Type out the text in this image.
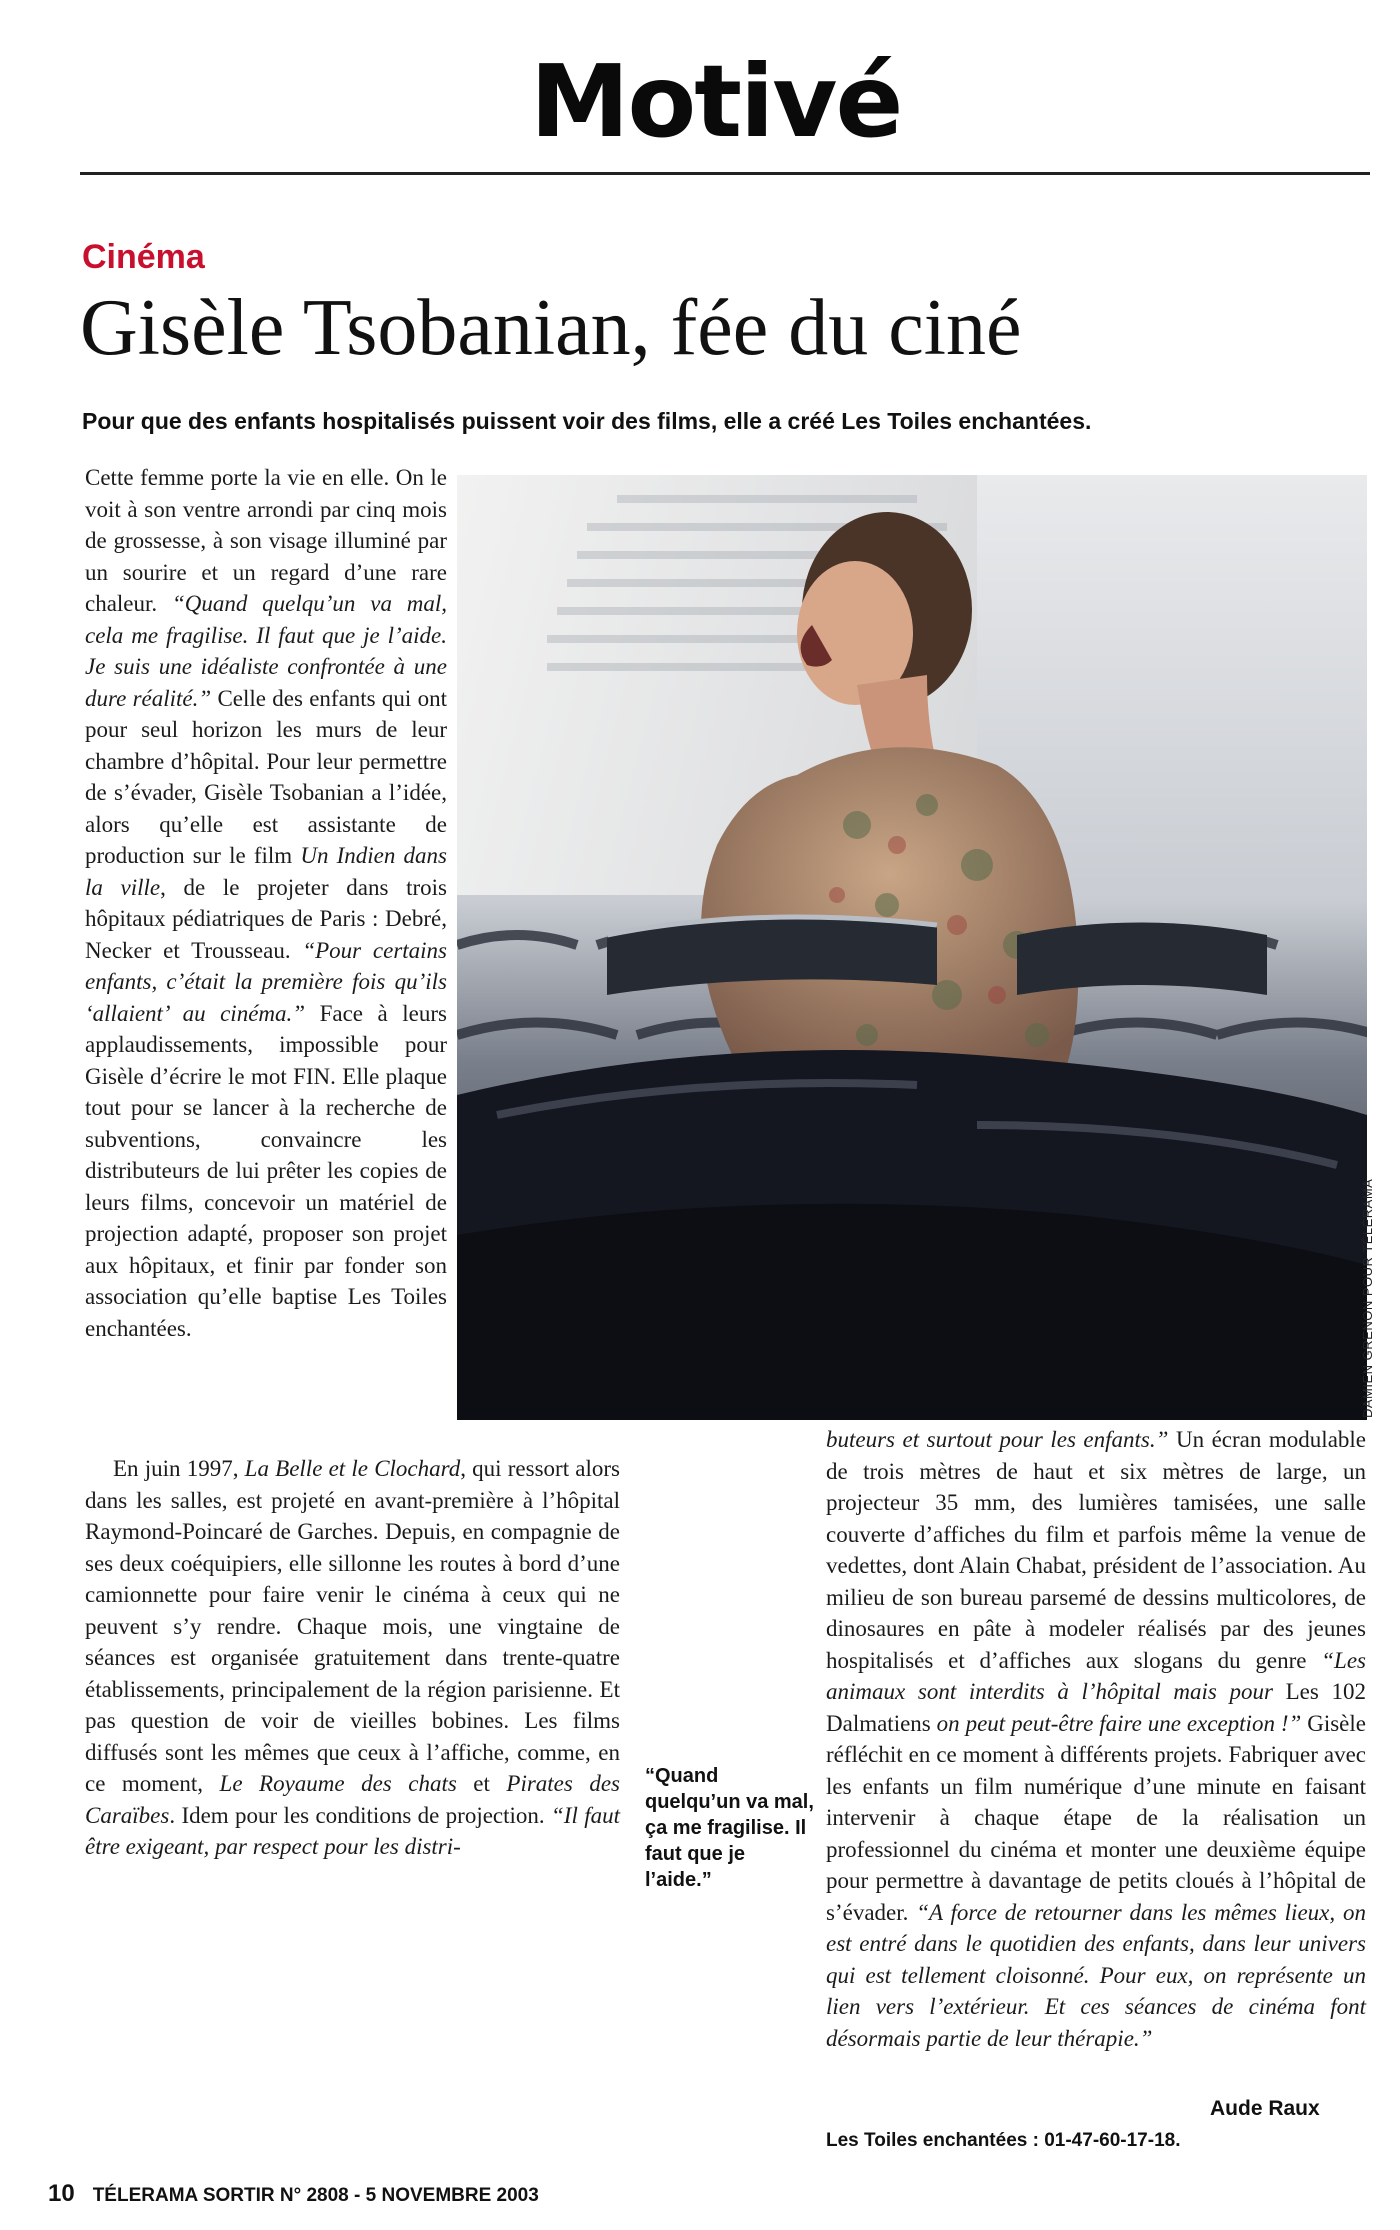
Motivé
Cinéma
Gisèle Tsobanian, fée du ciné
Pour que des enfants hospitalisés puissent voir des films, elle a créé Les Toiles enchantées.

Cette femme porte la vie en elle. On le voit à son ventre arrondi par cinq mois de grossesse, à son visage illuminé par un sourire et un regard d’une rare chaleur. “Quand quelqu’un va mal, cela me fragilise. Il faut que je l’aide. Je suis une idéaliste confrontée à une dure réalité.” Celle des enfants qui ont pour seul horizon les murs de leur chambre d’hôpital. Pour leur permettre de s’évader, Gisèle Tsobanian a l’idée, alors qu’elle est assistante de production sur le film Un Indien dans la ville, de le projeter dans trois hôpitaux pédiatriques de Paris : Debré, Necker et Trousseau. “Pour certains enfants, c’était la première fois qu’ils ‘allaient’ au cinéma.” Face à leurs applaudissements, impossible pour Gisèle d’écrire le mot FIN. Elle plaque tout pour se lancer à la recherche de subventions, convaincre les distributeurs de lui prêter les copies de leurs films, concevoir un matériel de projection adapté, proposer son projet aux hôpitaux, et finir par fonder son association qu’elle baptise Les Toiles enchantées.	DAMIEN GRENON POUR TÉLÉRAMA

En juin 1997, La Belle et le Clochard, qui ressort alors dans les salles, est projeté en avant-première à l’hôpital Raymond-Poincaré de Garches. Depuis, en compagnie de ses deux coéquipiers, elle sillonne les routes à bord d’une camionnette pour faire venir le cinéma à ceux qui ne peuvent s’y rendre. Chaque mois, une vingtaine de séances est organisée gratuitement dans trente-quatre établissements, principalement de la région parisienne. Et pas question de voir de vieilles bobines. Les films diffusés sont les mêmes que ceux à l’affiche, comme, en ce moment, Le Royaume des chats et Pirates des Caraïbes. Idem pour les conditions de projection. “Il faut être exigeant, par respect pour les distri-

“Quand quelqu’un va mal, ça me fragilise. Il faut que je l’aide.”

buteurs et surtout pour les enfants.” Un écran modulable de trois mètres de haut et six mètres de large, un projecteur 35 mm, des lumières tamisées, une salle couverte d’affiches du film et parfois même la venue de vedettes, dont Alain Chabat, président de l’association. Au milieu de son bureau parsemé de dessins multicolores, de dinosaures en pâte à modeler réalisés par des jeunes hospitalisés et d’affiches aux slogans du genre “Les animaux sont interdits à l’hôpital mais pour Les 102 Dalmatiens on peut peut-être faire une exception !” Gisèle réfléchit en ce moment à différents projets. Fabriquer avec les enfants un film numérique d’une minute en faisant intervenir à chaque étape de la réalisation un professionnel du cinéma et monter une deuxième équipe pour permettre à davantage de petits cloués à l’hôpital de s’évader. “A force de retourner dans les mêmes lieux, on est entré dans le quotidien des enfants, dans leur univers qui est tellement cloisonné. Pour eux, on représente un lien vers l’extérieur. Et ces séances de cinéma font désormais partie de leur thérapie.”

Aude Raux
Les Toiles enchantées : 01-47-60-17-18.
10 TÉLERAMA SORTIR N° 2808 - 5 NOVEMBRE 2003
